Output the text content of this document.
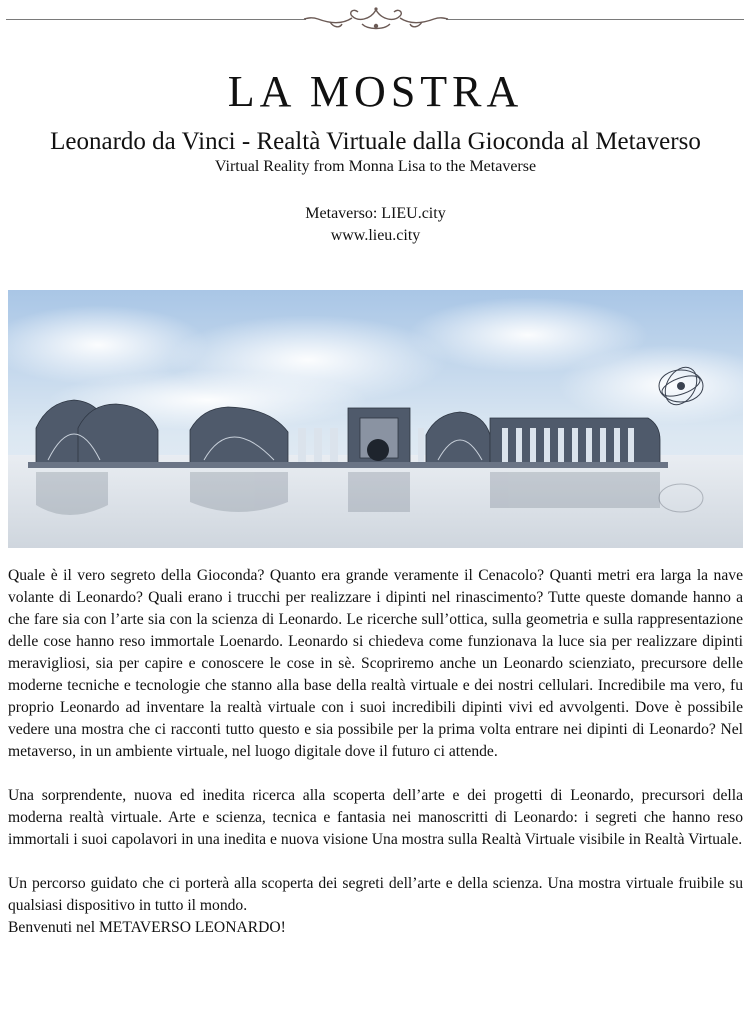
LA MOSTRA
Leonardo da Vinci - Realtà Virtuale dalla Gioconda al Metaverso
Virtual Reality from Monna Lisa to the Metaverse
Metaverso: LIEU.city
www.lieu.city

Quale è il vero segreto della Gioconda? Quanto era grande veramente il Cenacolo? Quanti metri era larga la nave volante di Leonardo? Quali erano i trucchi per realizzare i dipinti nel rinascimento? Tutte queste domande hanno a che fare sia con l’arte sia con la scienza di Leonardo. Le ricerche sull’ottica, sulla geometria e sulla rappresentazione delle cose hanno reso immortale Loenardo. Leonardo si chiedeva come funzionava la luce sia per realizzare dipinti meravigliosi, sia per capire e conoscere le cose in sè. Scopriremo anche un Leonardo scienziato, precursore delle moderne tecniche e tecnologie che stanno alla base della realtà virtuale e dei nostri cellulari. Incredibile ma vero, fu proprio Leonardo ad inventare la realtà virtuale con i suoi incredibili dipinti vivi ed avvolgenti. Dove è possibile vedere una mostra che ci racconti tutto questo e sia possibile per la prima volta entrare nei dipinti di Leonardo? Nel metaverso, in un ambiente virtuale, nel luogo digitale dove il futuro ci attende.

Una sorprendente, nuova ed inedita ricerca alla scoperta dell’arte e dei progetti di Leonardo, precursori della moderna realtà virtuale. Arte e scienza, tecnica e fantasia nei manoscritti di Leonardo: i segreti che hanno reso immortali i suoi capolavori in una inedita e nuova visione Una mostra sulla Realtà Virtuale visibile in Realtà Virtuale.

Un percorso guidato che ci porterà alla scoperta dei segreti dell’arte e della scienza. Una mostra virtuale fruibile su qualsiasi dispositivo in tutto il mondo.
Benvenuti nel METAVERSO LEONARDO!
